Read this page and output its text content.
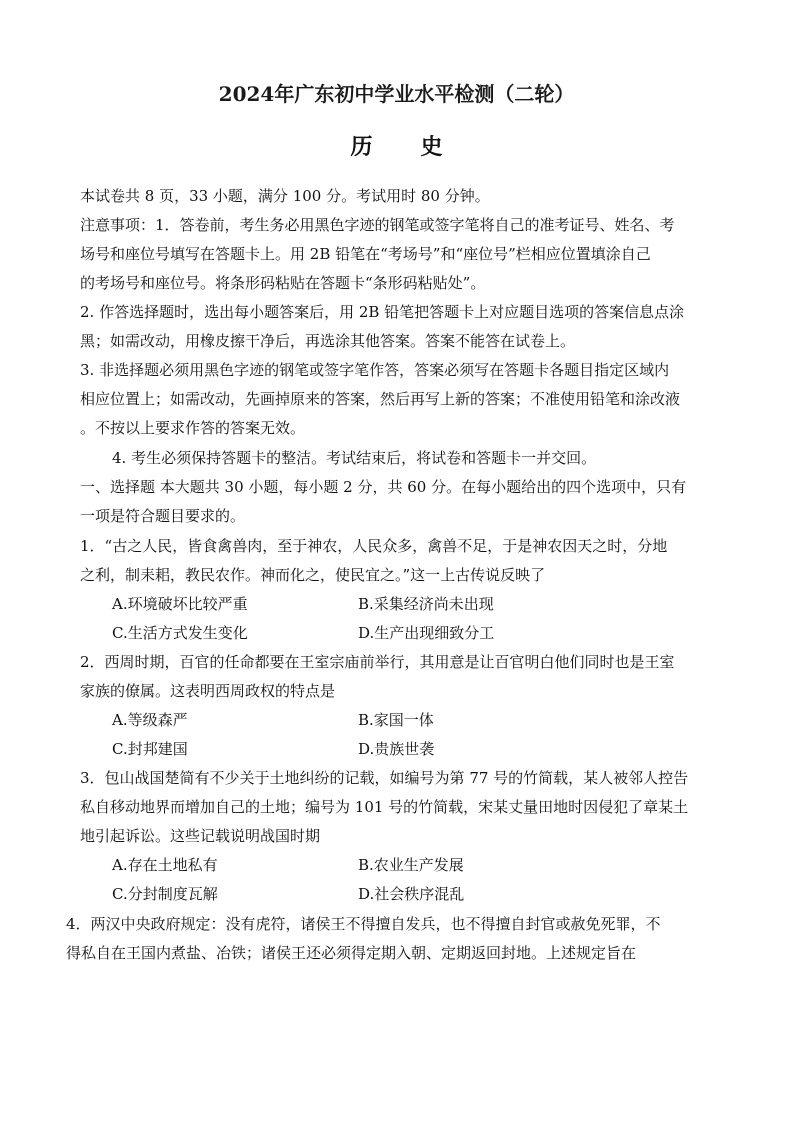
2024年广东初中学业水平检测（二轮）
历史
本试卷共 8 页，33 小题，满分 100 分。考试用时 80 分钟。
注意事项：1．答卷前，考生务必用黑色字迹的钢笔或签字笔将自己的准考证号、姓名、考
场号和座位号填写在答题卡上。用 2B 铅笔在“考场号”和“座位号”栏相应位置填涂自己
的考场号和座位号。将条形码粘贴在答题卡“条形码粘贴处”。
2. 作答选择题时，选出每小题答案后，用 2B 铅笔把答题卡上对应题目选项的答案信息点涂
黑；如需改动，用橡皮擦干净后，再选涂其他答案。答案不能答在试卷上。
3. 非选择题必须用黑色字迹的钢笔或签字笔作答，答案必须写在答题卡各题目指定区域内
相应位置上；如需改动，先画掉原来的答案，然后再写上新的答案；不准使用铅笔和涂改液
。不按以上要求作答的答案无效。
4. 考生必须保持答题卡的整洁。考试结束后，将试卷和答题卡一并交回。
一、选择题 本大题共 30 小题，每小题 2 分，共 60 分。在每小题给出的四个选项中，只有
一项是符合题目要求的。
1．“古之人民，皆食禽兽肉，至于神农，人民众多，禽兽不足，于是神农因天之时，分地
之利，制耒耜，教民农作。神而化之，使民宜之。”这一上古传说反映了
A.环境破坏比较严重	B.采集经济尚未出现
C.生活方式发生变化	D.生产出现细致分工
2．西周时期，百官的任命都要在王室宗庙前举行，其用意是让百官明白他们同时也是王室
家族的僚属。这表明西周政权的特点是
A.等级森严	B.家国一体
C.封邦建国	D.贵族世袭
3．包山战国楚简有不少关于土地纠纷的记载，如编号为第 77 号的竹简载，某人被邻人控告
私自移动地界而增加自己的土地；编号为 101 号的竹简载，宋某丈量田地时因侵犯了章某土
地引起诉讼。这些记载说明战国时期
A.存在土地私有	B.农业生产发展
C.分封制度瓦解	D.社会秩序混乱
4．两汉中央政府规定：没有虎符，诸侯王不得擅自发兵，也不得擅自封官或赦免死罪，不
得私自在王国内煮盐、冶铁；诸侯王还必须得定期入朝、定期返回封地。上述规定旨在
